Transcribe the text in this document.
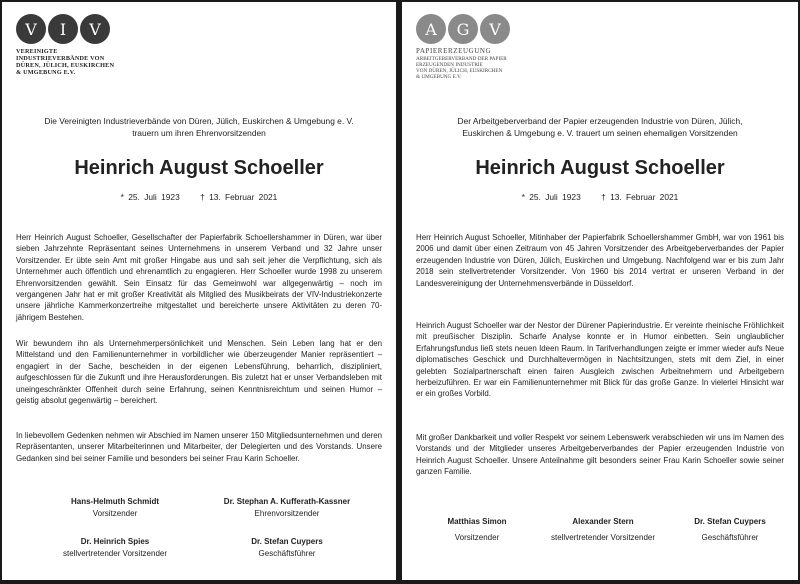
V	I	V
VEREINIGTE
INDUSTRIEVERBÄNDE VON
DÜREN, JÜLICH, EUSKIRCHEN
& UMGEBUNG E.V.
Die Vereinigten Industrieverbände von Düren, Jülich, Euskirchen & Umgebung e. V.
trauern um ihren Ehrenvorsitzenden
Heinrich August Schoeller
* 25. Juli 1923 † 13. Februar 2021

Herr Heinrich August Schoeller, Gesellschafter der Papierfabrik Schoellershammer in Düren, war über sieben Jahrzehnte Repräsentant seines Unternehmens in unserem Verband und 32 Jahre unser Vorsitzender. Er übte sein Amt mit großer Hingabe aus und sah seit jeher die Verpflichtung, sich als Unternehmer auch öffentlich und ehrenamtlich zu engagieren. Herr Schoeller wurde 1998 zu unserem Ehrenvorsitzenden gewählt. Sein Einsatz für das Gemeinwohl war allgegenwärtig – noch im vergangenen Jahr hat er mit großer Kreativität als Mitglied des Musikbeirats der VIV-Industriekonzerte unsere jährliche Kammerkonzertreihe mitgestaltet und bereicherte unsere Aktivitäten zu deren 70-jährigem Bestehen.

Wir bewundern ihn als Unternehmerpersönlichkeit und Menschen. Sein Leben lang hat er den Mittelstand und den Familienunternehmer in vorbildlicher wie überzeugender Manier repräsentiert – engagiert in der Sache, bescheiden in der eigenen Lebensführung, beharrlich, diszipliniert, aufgeschlossen für die Zukunft und ihre Herausforderungen. Bis zuletzt hat er unser Verbandsleben mit uneingeschränkter Offenheit durch seine Erfahrung, seinen Kenntnisreichtum und seinen Humor – geistig absolut gegenwärtig – bereichert.

In liebevollem Gedenken nehmen wir Abschied im Namen unserer 150 Mitgliedsunternehmen und deren Repräsentanten, unserer Mitarbeiterinnen und Mitarbeiter, der Delegierten und des Vorstands. Unsere Gedanken sind bei seiner Familie und besonders bei seiner Frau Karin Schoeller.

Hans-Helmuth Schmidt
Vorsitzender
Dr. Stephan A. Kufferath-Kassner
Ehrenvorsitzender
Dr. Heinrich Spies
stellvertretender Vorsitzender
Dr. Stefan Cuypers
Geschäftsführer
A	G	V
PAPIERERZEUGUNG
ARBEITGEBERVERBAND DER PAPIER
ERZEUGENDEN INDUSTRIE
VON DÜREN, JÜLICH, EUSKIRCHEN
& UMGEBUNG E.V.
Der Arbeitgeberverband der Papier erzeugenden Industrie von Düren, Jülich,
Euskirchen & Umgebung e. V. trauert um seinen ehemaligen Vorsitzenden
Heinrich August Schoeller
* 25. Juli 1923 † 13. Februar 2021

Herr Heinrich August Schoeller, Mitinhaber der Papierfabrik Schoellershammer GmbH, war von 1961 bis 2006 und damit über einen Zeitraum von 45 Jahren Vorsitzender des Arbeitgeberverbandes der Papier erzeugenden Industrie von Düren, Jülich, Euskirchen und Umgebung. Nachfolgend war er bis zum Jahr 2018 sein stellvertretender Vorsitzender. Von 1960 bis 2014 vertrat er unseren Verband in der Landesvereinigung der Unternehmensverbände in Düsseldorf.

Heinrich August Schoeller war der Nestor der Dürener Papierindustrie. Er vereinte rheinische Fröhlichkeit mit preußischer Disziplin. Scharfe Analyse konnte er in Humor einbetten. Sein unglaublicher Erfahrungsfundus ließ stets neuen Ideen Raum. In Tarifverhandlungen zeigte er immer wieder aufs Neue diplomatisches Geschick und Durchhaltevermögen in Nachtsitzungen, stets mit dem Ziel, in einer gelebten Sozialpartnerschaft einen fairen Ausgleich zwischen Arbeitnehmern und Arbeitgebern herbeizuführen. Er war ein Familienunternehmer mit Blick für das große Ganze. In vielerlei Hinsicht war er ein großes Vorbild.

Mit großer Dankbarkeit und voller Respekt vor seinem Lebenswerk verabschieden wir uns im Namen des Vorstands und der Mitglieder unseres Arbeitgeberverbandes der Papier erzeugenden Industrie von Heinrich August Schoeller. Unsere Anteilnahme gilt besonders seiner Frau Karin Schoeller sowie seiner ganzen Familie.

Matthias Simon
Vorsitzender
Alexander Stern
stellvertretender Vorsitzender
Dr. Stefan Cuypers
Geschäftsführer
